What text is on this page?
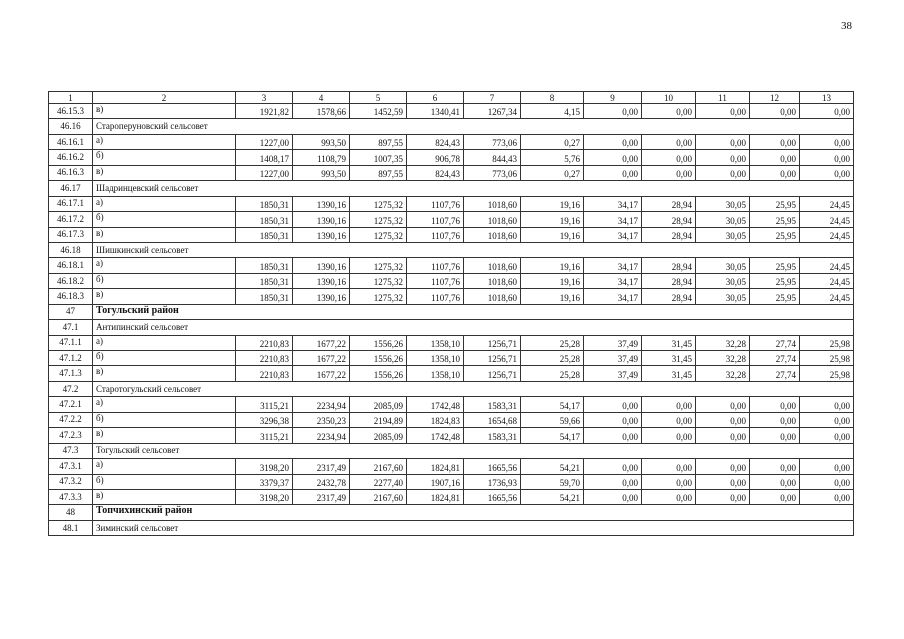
38
1	2	3	4	5	6	7	8	9	10	11	12	13
46.15.3	в)	1921,82	1578,66	1452,59	1340,41	1267,34	4,15	0,00	0,00	0,00	0,00	0,00
46.16	Староперуновский сельсовет											
46.16.1	а)	1227,00	993,50	897,55	824,43	773,06	0,27	0,00	0,00	0,00	0,00	0,00
46.16.2	б)	1408,17	1108,79	1007,35	906,78	844,43	5,76	0,00	0,00	0,00	0,00	0,00
46.16.3	в)	1227,00	993,50	897,55	824,43	773,06	0,27	0,00	0,00	0,00	0,00	0,00
46.17	Шадринцевский сельсовет											
46.17.1	а)	1850,31	1390,16	1275,32	1107,76	1018,60	19,16	34,17	28,94	30,05	25,95	24,45
46.17.2	б)	1850,31	1390,16	1275,32	1107,76	1018,60	19,16	34,17	28,94	30,05	25,95	24,45
46.17.3	в)	1850,31	1390,16	1275,32	1107,76	1018,60	19,16	34,17	28,94	30,05	25,95	24,45
46.18	Шишкинский сельсовет											
46.18.1	а)	1850,31	1390,16	1275,32	1107,76	1018,60	19,16	34,17	28,94	30,05	25,95	24,45
46.18.2	б)	1850,31	1390,16	1275,32	1107,76	1018,60	19,16	34,17	28,94	30,05	25,95	24,45
46.18.3	в)	1850,31	1390,16	1275,32	1107,76	1018,60	19,16	34,17	28,94	30,05	25,95	24,45
47	Тогульский район											
47.1	Антипинский сельсовет											
47.1.1	а)	2210,83	1677,22	1556,26	1358,10	1256,71	25,28	37,49	31,45	32,28	27,74	25,98
47.1.2	б)	2210,83	1677,22	1556,26	1358,10	1256,71	25,28	37,49	31,45	32,28	27,74	25,98
47.1.3	в)	2210,83	1677,22	1556,26	1358,10	1256,71	25,28	37,49	31,45	32,28	27,74	25,98
47.2	Старотогульский сельсовет											
47.2.1	а)	3115,21	2234,94	2085,09	1742,48	1583,31	54,17	0,00	0,00	0,00	0,00	0,00
47.2.2	б)	3296,38	2350,23	2194,89	1824,83	1654,68	59,66	0,00	0,00	0,00	0,00	0,00
47.2.3	в)	3115,21	2234,94	2085,09	1742,48	1583,31	54,17	0,00	0,00	0,00	0,00	0,00
47.3	Тогульский сельсовет											
47.3.1	а)	3198,20	2317,49	2167,60	1824,81	1665,56	54,21	0,00	0,00	0,00	0,00	0,00
47.3.2	б)	3379,37	2432,78	2277,40	1907,16	1736,93	59,70	0,00	0,00	0,00	0,00	0,00
47.3.3	в)	3198,20	2317,49	2167,60	1824,81	1665,56	54,21	0,00	0,00	0,00	0,00	0,00
48	Топчихинский район											
48.1	Зиминский сельсовет											
